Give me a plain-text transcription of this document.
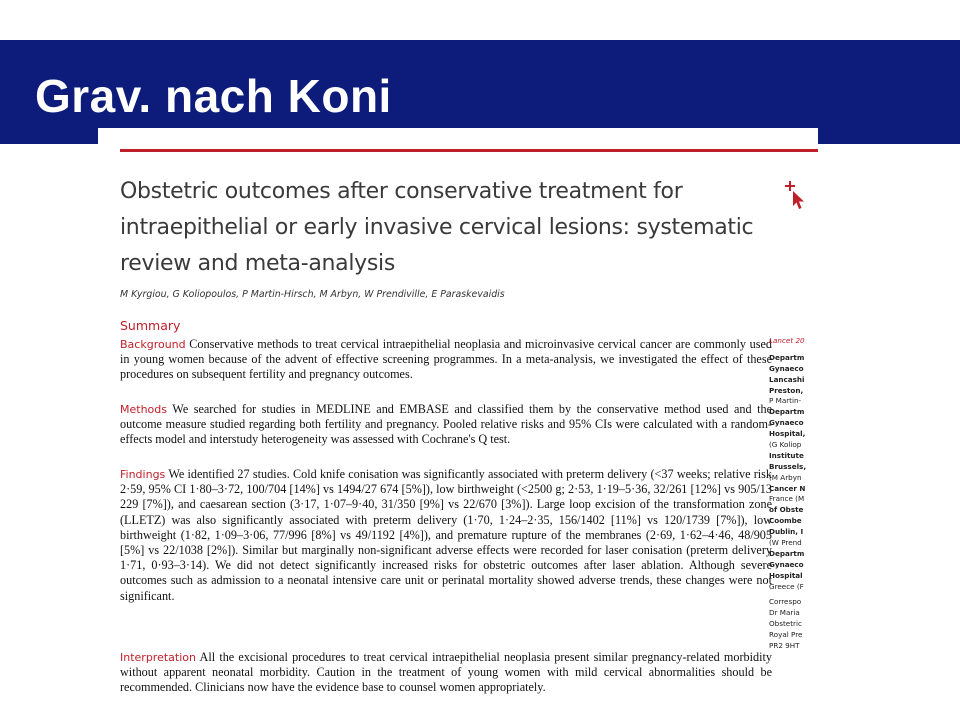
Grav. nach Koni
Obstetric outcomes after conservative treatment for
intraepithelial or early invasive cervical lesions: systematic
review and meta-analysis
M Kyrgiou, G Koliopoulos, P Martin-Hirsch, M Arbyn, W Prendiville, E Paraskevaidis
Summary

Background Conservative methods to treat cervical intraepithelial neoplasia and microinvasive cervical cancer are commonly used in young women because of the advent of effective screening programmes. In a meta-analysis, we investigated the effect of these procedures on subsequent fertility and pregnancy outcomes.

Methods We searched for studies in MEDLINE and EMBASE and classified them by the conservative method used and the outcome measure studied regarding both fertility and pregnancy. Pooled relative risks and 95% CIs were calculated with a random-effects model and interstudy heterogeneity was assessed with Cochrane's Q test.

Findings We identified 27 studies. Cold knife conisation was significantly associated with preterm delivery (<37 weeks; relative risk 2·59, 95% CI 1·80–3·72, 100/704 [14%] vs 1494/27 674 [5%]), low birthweight (<2500 g; 2·53, 1·19–5·36, 32/261 [12%] vs 905/13 229 [7%]), and caesarean section (3·17, 1·07–9·40, 31/350 [9%] vs 22/670 [3%]). Large loop excision of the transformation zone (LLETZ) was also significantly associated with preterm delivery (1·70, 1·24–2·35, 156/1402 [11%] vs 120/1739 [7%]), low birthweight (1·82, 1·09–3·06, 77/996 [8%] vs 49/1192 [4%]), and premature rupture of the membranes (2·69, 1·62–4·46, 48/905 [5%] vs 22/1038 [2%]). Similar but marginally non-significant adverse effects were recorded for laser conisation (preterm delivery 1·71, 0·93–3·14). We did not detect significantly increased risks for obstetric outcomes after laser ablation. Although severe outcomes such as admission to a neonatal intensive care unit or perinatal mortality showed adverse trends, these changes were not significant.

Interpretation All the excisional procedures to treat cervical intraepithelial neoplasia present similar pregnancy-related morbidity without apparent neonatal morbidity. Caution in the treatment of young women with mild cervical abnormalities should be recommended. Clinicians now have the evidence base to counsel women appropriately.

Lancet 20
Departm
Gynaeco
Lancashi
Preston,
P Martin-
Departm
Gynaeco
Hospital,
(G Koliop
Institute
Brussels,
(M Arbyn
Cancer N
France (M
of Obste
Coombe
Dublin, I
(W Prend
Departm
Gynaeco
Hospital
Greece (F
Correspo
Dr Maria
Obstetric
Royal Pre
PR2 9HT
